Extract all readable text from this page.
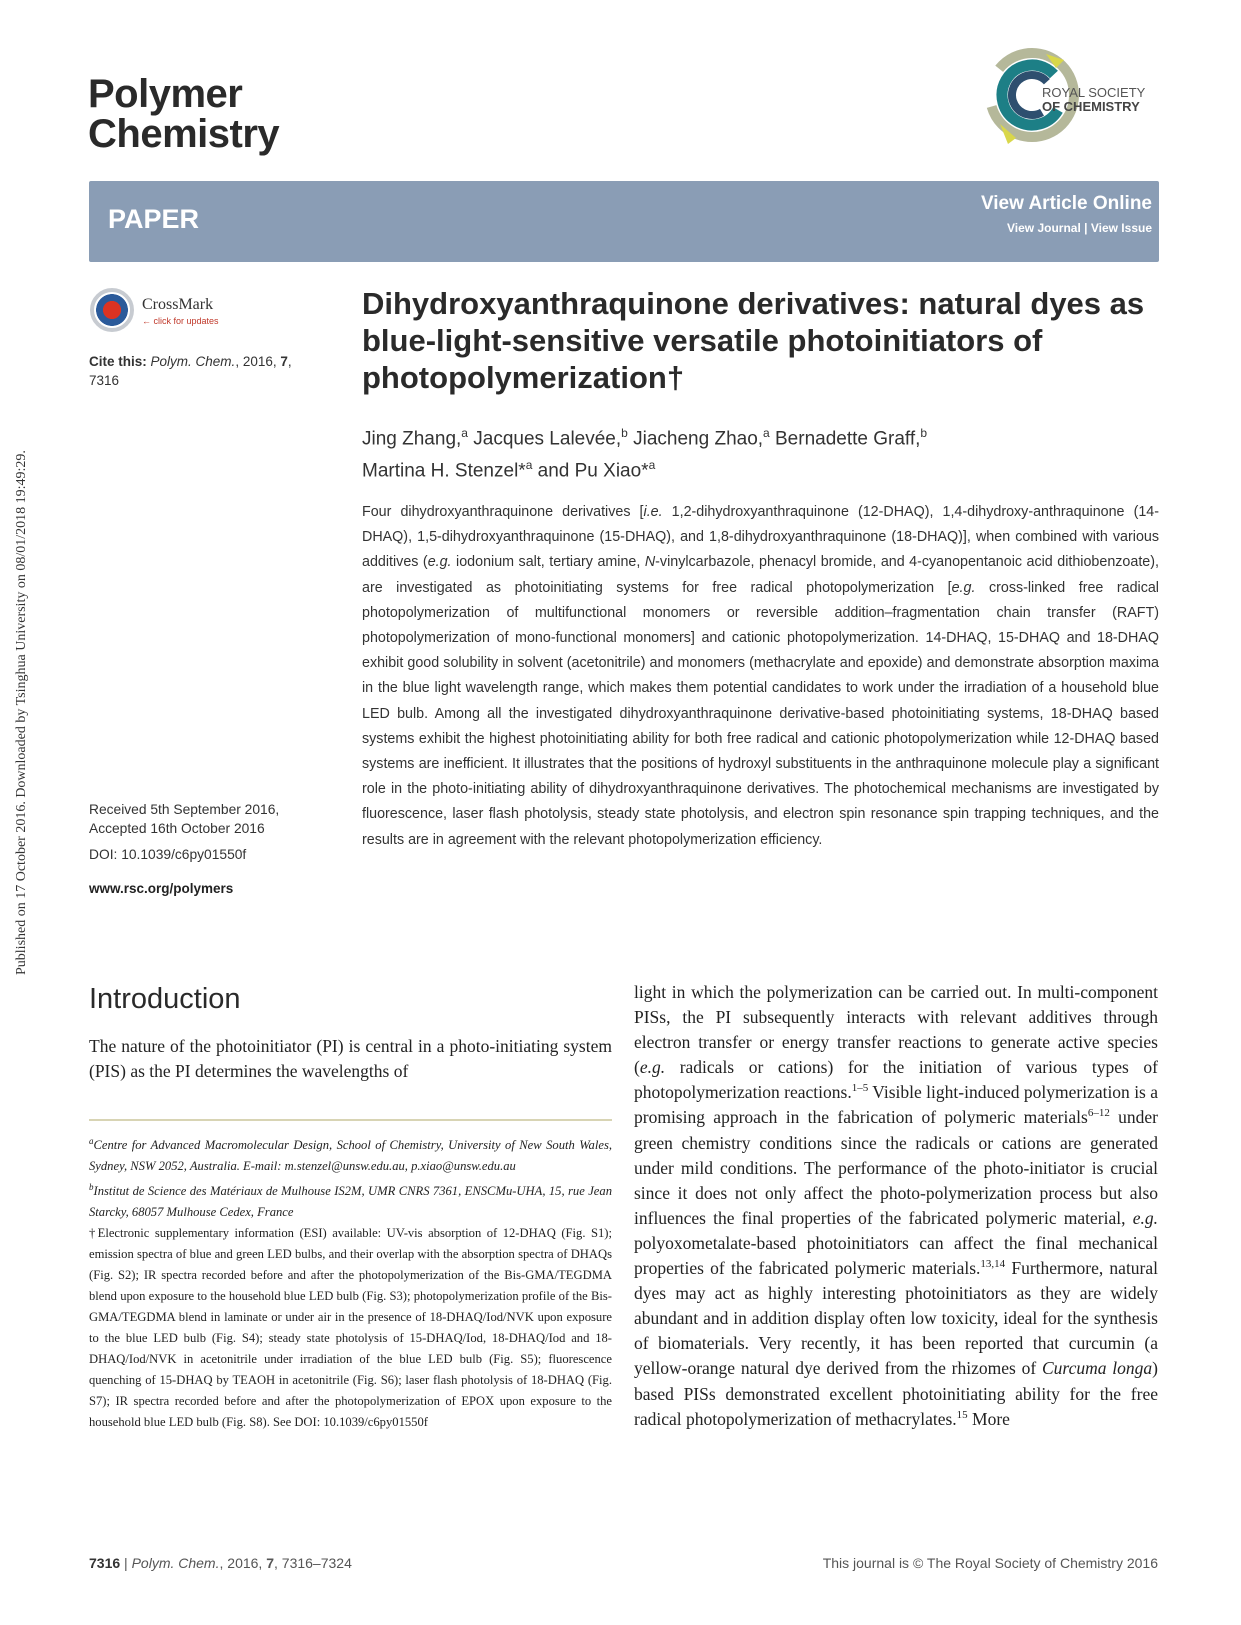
Polymer
Chemistry
ROYAL SOCIETY
OF CHEMISTRY
PAPER
View Article Online
View Journal | View Issue
CrossMark
← click for updates
Cite this: Polym. Chem., 2016, 7,
7316
Dihydroxyanthraquinone derivatives: natural dyes as blue-light-sensitive versatile photoinitiators of photopolymerization†
Jing Zhang,$^a$ Jacques Lalevée,$^b$ Jiacheng Zhao,$^a$ Bernadette Graff,$^b$
Martina H. Stenzel*$^a$ and Pu Xiao*$^a$
Four dihydroxyanthraquinone derivatives [i.e. 1,2-dihydroxyanthraquinone (12-DHAQ), 1,4-dihydroxy-anthraquinone (14-DHAQ), 1,5-dihydroxyanthraquinone (15-DHAQ), and 1,8-dihydroxyanthraquinone (18-DHAQ)], when combined with various additives (e.g. iodonium salt, tertiary amine, N-vinylcarbazole, phenacyl bromide, and 4-cyanopentanoic acid dithiobenzoate), are investigated as photoinitiating systems for free radical photopolymerization [e.g. cross-linked free radical photopolymerization of multifunctional monomers or reversible addition–fragmentation chain transfer (RAFT) photopolymerization of mono-functional monomers] and cationic photopolymerization. 14-DHAQ, 15-DHAQ and 18-DHAQ exhibit good solubility in solvent (acetonitrile) and monomers (methacrylate and epoxide) and demonstrate absorption maxima in the blue light wavelength range, which makes them potential candidates to work under the irradiation of a household blue LED bulb. Among all the investigated dihydroxyanthraquinone derivative-based photoinitiating systems, 18-DHAQ based systems exhibit the highest photoinitiating ability for both free radical and cationic photopolymerization while 12-DHAQ based systems are inefficient. It illustrates that the positions of hydroxyl substituents in the anthraquinone molecule play a significant role in the photo-initiating ability of dihydroxyanthraquinone derivatives. The photochemical mechanisms are investigated by fluorescence, laser flash photolysis, steady state photolysis, and electron spin resonance spin trapping techniques, and the results are in agreement with the relevant photopolymerization efficiency.
Received 5th September 2016,
Accepted 16th October 2016
DOI: 10.1039/c6py01550f
www.rsc.org/polymers
Published on 17 October 2016. Downloaded by Tsinghua University on 08/01/2018 19:49:29.
Introduction
The nature of the photoinitiator (PI) is central in a photo-initiating system (PIS) as the PI determines the wavelengths of
$^a$Centre for Advanced Macromolecular Design, School of Chemistry, University of New South Wales, Sydney, NSW 2052, Australia. E-mail: m.stenzel@unsw.edu.au, p.xiao@unsw.edu.au
$^b$Institut de Science des Matériaux de Mulhouse IS2M, UMR CNRS 7361, ENSCMu-UHA, 15, rue Jean Starcky, 68057 Mulhouse Cedex, France
†Electronic supplementary information (ESI) available: UV-vis absorption of 12-DHAQ (Fig. S1); emission spectra of blue and green LED bulbs, and their overlap with the absorption spectra of DHAQs (Fig. S2); IR spectra recorded before and after the photopolymerization of the Bis-GMA/TEGDMA blend upon exposure to the household blue LED bulb (Fig. S3); photopolymerization profile of the Bis-GMA/TEGDMA blend in laminate or under air in the presence of 18-DHAQ/Iod/NVK upon exposure to the blue LED bulb (Fig. S4); steady state photolysis of 15-DHAQ/Iod, 18-DHAQ/Iod and 18-DHAQ/Iod/NVK in acetonitrile under irradiation of the blue LED bulb (Fig. S5); fluorescence quenching of 15-DHAQ by TEAOH in acetonitrile (Fig. S6); laser flash photolysis of 18-DHAQ (Fig. S7); IR spectra recorded before and after the photopolymerization of EPOX upon exposure to the household blue LED bulb (Fig. S8). See DOI: 10.1039/c6py01550f
light in which the polymerization can be carried out. In multi-component PISs, the PI subsequently interacts with relevant additives through electron transfer or energy transfer reactions to generate active species (e.g. radicals or cations) for the initiation of various types of photopolymerization reactions.$^{1-5}$ Visible light-induced polymerization is a promising approach in the fabrication of polymeric materials$^{6-12}$ under green chemistry conditions since the radicals or cations are generated under mild conditions. The performance of the photo-initiator is crucial since it does not only affect the photo-polymerization process but also influences the final properties of the fabricated polymeric material, e.g. polyoxometalate-based photoinitiators can affect the final mechanical properties of the fabricated polymeric materials.$^{13,14}$ Furthermore, natural dyes may act as highly interesting photoinitiators as they are widely abundant and in addition display often low toxicity, ideal for the synthesis of biomaterials. Very recently, it has been reported that curcumin (a yellow-orange natural dye derived from the rhizomes of Curcuma longa) based PISs demonstrated excellent photoinitiating ability for the free radical photopolymerization of methacrylates.$^{15}$ More
7316 | Polym. Chem., 2016, 7, 7316–7324	This journal is © The Royal Society of Chemistry 2016
